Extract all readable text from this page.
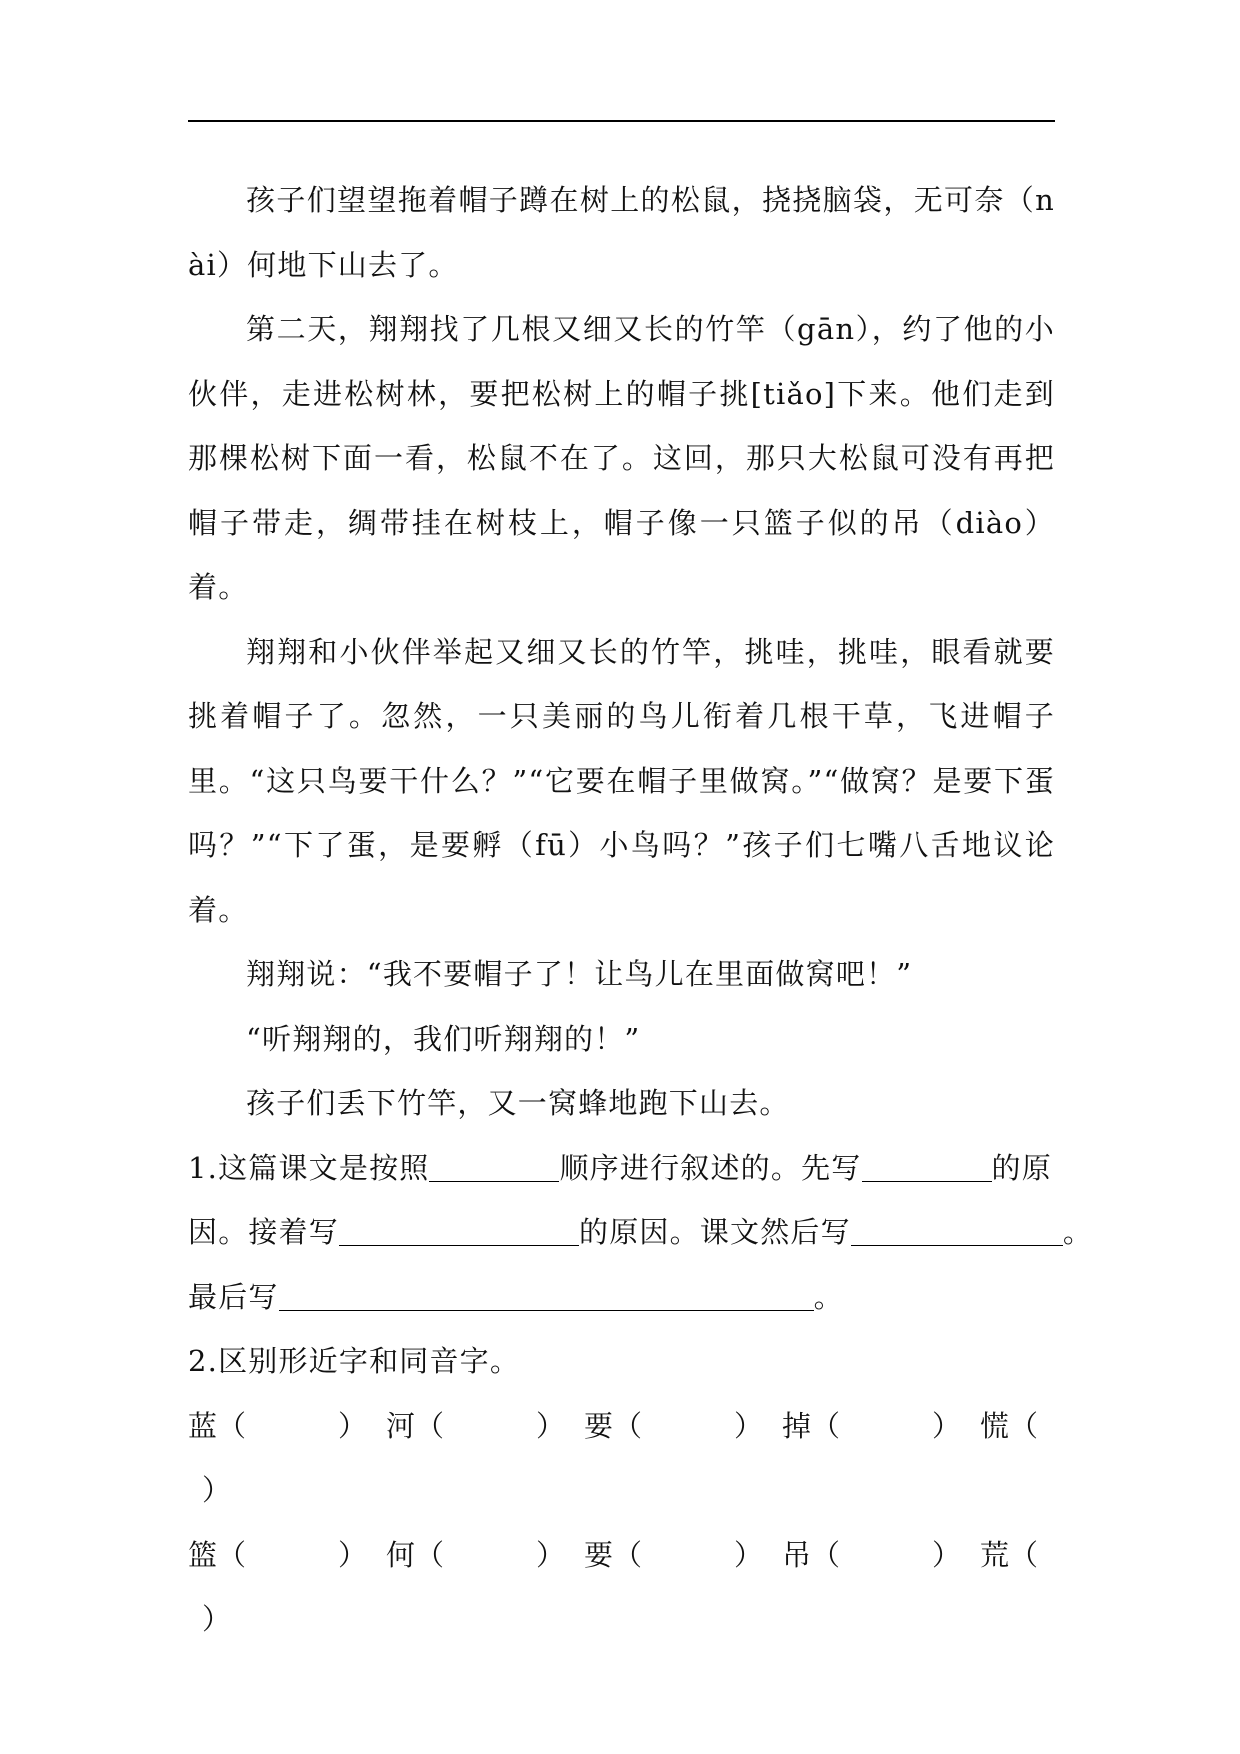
孩子们望望拖着帽子蹲在树上的松鼠，挠挠脑袋，无可奈（nài）何地下山去了。

第二天，翔翔找了几根又细又长的竹竿（gān），约了他的小伙伴，走进松树林，要把松树上的帽子挑[tiǎo]下来。他们走到那棵松树下面一看，松鼠不在了。这回，那只大松鼠可没有再把帽子带走，绸带挂在树枝上，帽子像一只篮子似的吊（diào）着。

翔翔和小伙伴举起又细又长的竹竿，挑哇，挑哇，眼看就要挑着帽子了。忽然，一只美丽的鸟儿衔着几根干草，飞进帽子里。“这只鸟要干什么？”“它要在帽子里做窝。”“做窝？是要下蛋吗？”“下了蛋，是要孵（fū）小鸟吗？”孩子们七嘴八舌地议论着。

翔翔说：“我不要帽子了！让鸟儿在里面做窝吧！”

“听翔翔的，我们听翔翔的！”

孩子们丢下竹竿，又一窝蜂地跑下山去。

1.这篇课文是按照	顺序进行叙述的。先写	的原

因。接着写	的原因。课文然后写	。

最后写	。

2.区别形近字和同音字。

蓝（	） 河（	） 要（	） 掉（	） 慌（

）

篮（	） 何（	） 要（	） 吊（	） 荒（

）
